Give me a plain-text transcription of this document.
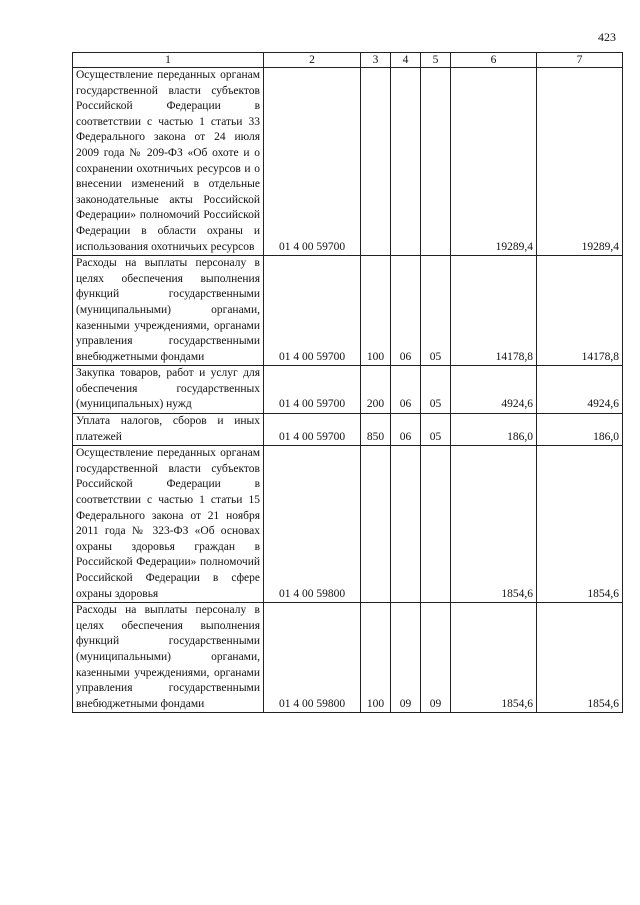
423
1	2	3	4	5	6	7
Осуществление переданных органам государственной власти субъектов Российской Федерации в соответствии с частью 1 статьи 33 Федерального закона от 24 июля 2009 года № 209-ФЗ «Об охоте и о сохранении охотничьих ресурсов и о внесении изменений в отдельные законодательные акты Российской Федерации» полномочий Российской Федерации в области охраны и использования охотничьих ресурсов	01 4 00 59700				19289,4	19289,4
Расходы на выплаты персоналу в целях обеспечения выполнения функций государственными (муниципальными) органами, казенными учреждениями, органами управления государственными внебюджетными фондами	01 4 00 59700	100	06	05	14178,8	14178,8
Закупка товаров, работ и услуг для обеспечения государственных (муниципальных) нужд	01 4 00 59700	200	06	05	4924,6	4924,6
Уплата налогов, сборов и иных платежей	01 4 00 59700	850	06	05	186,0	186,0
Осуществление переданных органам государственной власти субъектов Российской Федерации в соответствии с частью 1 статьи 15 Федерального закона от 21 ноября 2011 года № 323-ФЗ «Об основах охраны здоровья граждан в Российской Федерации» полномочий Российской Федерации в сфере охраны здоровья	01 4 00 59800				1854,6	1854,6
Расходы на выплаты персоналу в целях обеспечения выполнения функций государственными (муниципальными) органами, казенными учреждениями, органами управления государственными внебюджетными фондами	01 4 00 59800	100	09	09	1854,6	1854,6
